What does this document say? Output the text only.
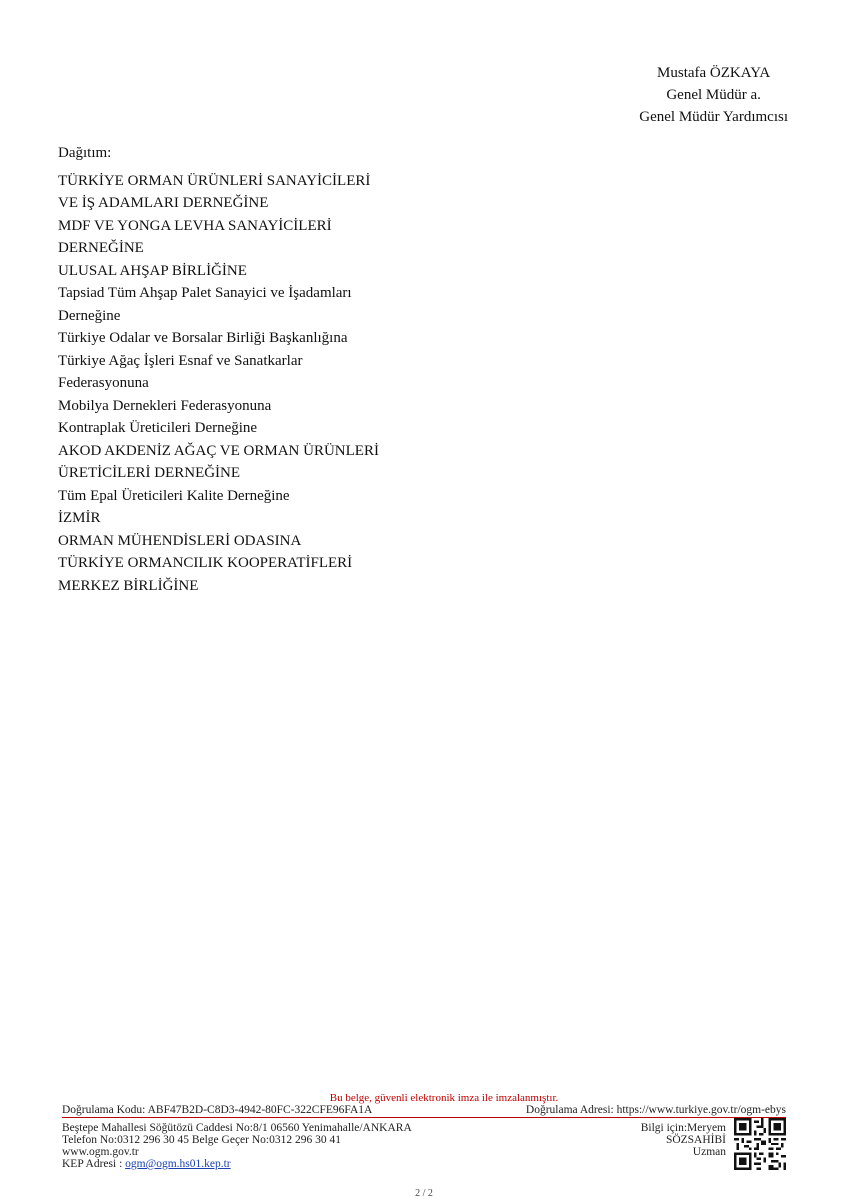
Mustafa ÖZKAYA
Genel Müdür a.
Genel Müdür Yardımcısı
Dağıtım:
TÜRKİYE ORMAN ÜRÜNLERİ SANAYİCİLERİ
VE İŞ ADAMLARI DERNEĞİNE
MDF VE YONGA LEVHA SANAYİCİLERİ
DERNEĞİNE
ULUSAL AHŞAP BİRLİĞİNE
Tapsiad Tüm Ahşap Palet Sanayici ve İşadamları
Derneğine
Türkiye Odalar ve Borsalar Birliği Başkanlığına
Türkiye Ağaç İşleri Esnaf ve Sanatkarlar
Federasyonuna
Mobilya Dernekleri Federasyonuna
Kontraplak Üreticileri Derneğine
AKOD AKDENİZ AĞAÇ VE ORMAN ÜRÜNLERİ
ÜRETİCİLERİ DERNEĞİNE
Tüm Epal Üreticileri Kalite Derneğine
İZMİR
ORMAN MÜHENDİSLERİ ODASINA
TÜRKİYE ORMANCILIK KOOPERATİFLERİ
MERKEZ BİRLİĞİNE
Bu belge, güvenli elektronik imza ile imzalanmıştır.
Doğrulama Kodu: ABF47B2D-C8D3-4942-80FC-322CFE96FA1A	Doğrulama Adresi: https://www.turkiye.gov.tr/ogm-ebys
Beştepe Mahallesi Söğütözü Caddesi No:8/1 06560 Yenimahalle/ANKARA
Telefon No:0312 296 30 45 Belge Geçer No:0312 296 30 41
www.ogm.gov.tr
KEP Adresi : ogm@ogm.hs01.kep.tr
Bilgi için:Meryem
SÖZSAHİBİ
Uzman
2 / 2
